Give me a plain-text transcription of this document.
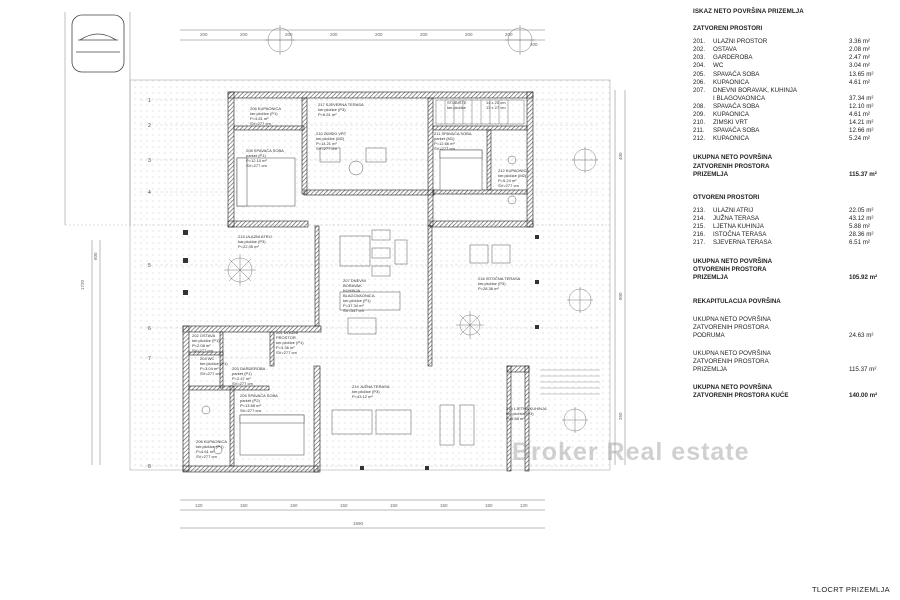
200	200	200	200	200	200	200	200
200
1
2
3
4
5
6
7
8
1720
600
400
800
250
120	150	150	150	150	150	150	120
1590
217 SJEVERNA TERASA
ker.pločice (P3)
P=6.51 m²
STUBIŠTE
ker.pločice
14 x 20 cm
13 x 27 cm
206 KUPAONICA
ker.pločice (P1)
P=4.61 m²
SV=277 cm
210 ZIMSKI VRT
ker.pločice (M2)
P=14.21 m²
SV=277 cm
211 SPAVAĆA SOBA
parket (M1)
P=12.66 m²
SV=277 cm
208 SPAVAĆA SOBA
parket (P1)
P=12.10 m²
SV=277 cm
212 KUPAONICA
ker.pločice (M2)
P=5.24 m²
SV=277 cm
213 ULAZNI ATRIJ
kar.pločice (P3)
P=22.05 m²
207 DNEVNI
BORAVAK
KUHINJA
BLAGOVAONICA
ker.pločice (P1)
P=37.34 m²
SV=347 cm
216 ISTOČNA TERASA
ker.pločice (P3)
P=28.36 m²
202 OSTAVA
ker.pločice (P1)
P=2.08 m²
SV=277 cm
201 ULAZNI
PROSTOR
ker.pločice (P1)
P=3.36 m²
SV=277 cm
204 WC
ker.pločice (P1)
P=3.04 m²
SV=277 cm
203 GARDEROBA
parket (P1)
P=2.47 m²
SV=277 cm
205 SPAVAĆA SOBA
parket (P2)
P=13.65 m²
SV=277 cm
206 KUPAONICA
ker.pločice (P1)
P=4.61 m²
SV=277 cm
214 JUŽNA TERASA
ker.pločice (P3)
P=43.12 m²
215 LJETNA KUHINJA
ker.pločice (P3)
P=5.88 m²
ISKAZ NETO POVRŠINA PRIZEMLJA
ZATVORENI PROSTORI
201.	ULAZNI PROSTOR	3.36 m²
202.	OSTAVA	2.08 m²
203.	GARDEROBA	2.47 m²
204.	WC	3.04 m²
205.	SPAVAĆA SOBA	13.65 m²
206.	KUPAONICA	4.61 m²
207.	DNEVNI BORAVAK, KUHINJA
I BLAGOVAONICA	37.34 m²
208.	SPAVAĆA SOBA	12.10 m²
209.	KUPAONICA	4.61 m²
210.	ZIMSKI VRT	14.21 m²
211.	SPAVAĆA SOBA	12.66 m²
212.	KUPAONICA	5.24 m²
UKUPNA NETO POVRŠINA
ZATVORENIH PROSTORA
PRIZEMLJA	115.37 m²
OTVORENI PROSTORI
213.	ULAZNI ATRIJ	22.05 m²
214.	JUŽNA TERASA	43.12 m²
215.	LJETNA KUHINJA	5.88 m²
216.	ISTOČNA TERASA	28.36 m²
217.	SJEVERNA TERASA	6.51 m²
UKUPNA NETO POVRŠINA
OTVORENIH PROSTORA
PRIZEMLJA	105.92 m²
REKAPITULACIJA POVRŠINA
UKUPNA NETO POVRŠINA
ZATVORENIH PROSTORA
PODRUMA	24.63 m²
UKUPNA NETO POVRŠINA
ZATVORENIH PROSTORA
PRIZEMLJA	115.37 m²
UKUPNA NETO POVRŠINA
ZATVORENIH PROSTORA KUĆE	140.00 m²
Broker Real estate
TLOCRT PRIZEMLJA
